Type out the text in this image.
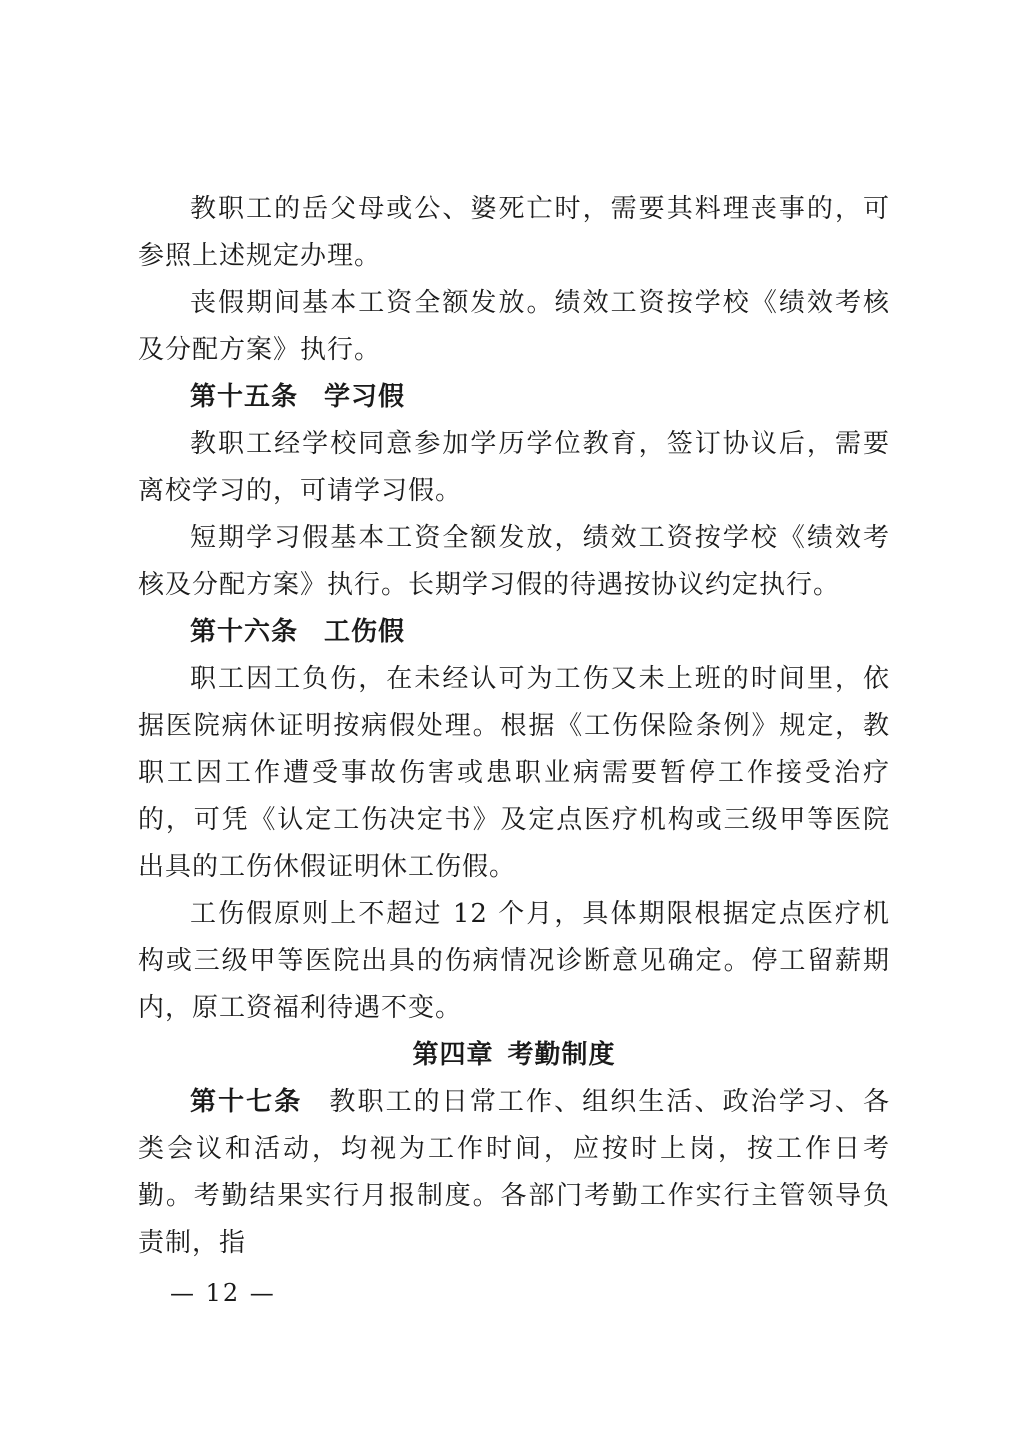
教职工的岳父母或公、婆死亡时，需要其料理丧事的，可参照上述规定办理。

丧假期间基本工资全额发放。绩效工资按学校《绩效考核及分配方案》执行。

第十五条 学习假

教职工经学校同意参加学历学位教育，签订协议后，需要离校学习的，可请学习假。

短期学习假基本工资全额发放，绩效工资按学校《绩效考核及分配方案》执行。长期学习假的待遇按协议约定执行。

第十六条 工伤假

职工因工负伤，在未经认可为工伤又未上班的时间里，依据医院病休证明按病假处理。根据《工伤保险条例》规定，教职工因工作遭受事故伤害或患职业病需要暂停工作接受治疗的，可凭《认定工伤决定书》及定点医疗机构或三级甲等医院出具的工伤休假证明休工伤假。

工伤假原则上不超过 12 个月，具体期限根据定点医疗机构或三级甲等医院出具的伤病情况诊断意见确定。停工留薪期内，原工资福利待遇不变。

第四章 考勤制度

第十七条 教职工的日常工作、组织生活、政治学习、各类会议和活动，均视为工作时间，应按时上岗，按工作日考勤。考勤结果实行月报制度。各部门考勤工作实行主管领导负责制，指

— 12 —
